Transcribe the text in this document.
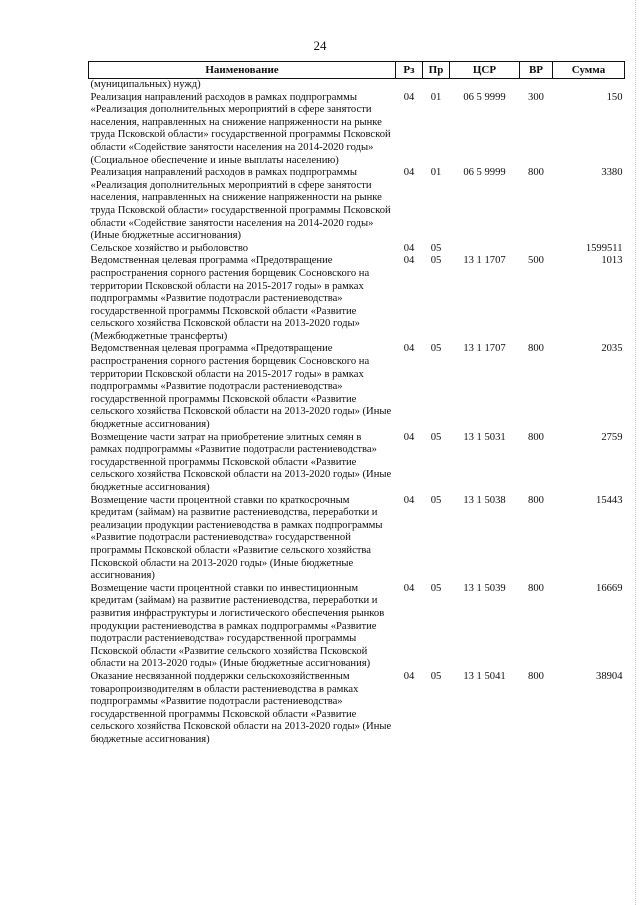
24
Наименование	Рз	Пр	ЦСР	ВР	Сумма
(муниципальных) нужд)					
Реализация направлений расходов в рамках подпрограммы «Реализация дополнительных мероприятий в сфере занятости населения, направленных на снижение напряженности на рынке труда Псковской области» государственной программы Псковской области «Содействие занятости населения на 2014-2020 годы» (Социальное обеспечение и иные выплаты населению)	04	01	06 5 9999	300	150
Реализация направлений расходов в рамках подпрограммы «Реализация дополнительных мероприятий в сфере занятости населения, направленных на снижение напряженности на рынке труда Псковской области» государственной программы Псковской области «Содействие занятости населения на 2014-2020 годы» (Иные бюджетные ассигнования)	04	01	06 5 9999	800	3380
Сельское хозяйство и рыболовство	04	05			1599511
Ведомственная целевая программа «Предотвращение распространения сорного растения борщевик Сосновского на территории Псковской области на 2015-2017 годы» в рамках подпрограммы «Развитие подотрасли растениеводства» государственной программы Псковской области «Развитие сельского хозяйства Псковской области на 2013-2020 годы» (Межбюджетные трансферты)	04	05	13 1 1707	500	1013
Ведомственная целевая программа «Предотвращение распространения сорного растения борщевик Сосновского на территории Псковской области на 2015-2017 годы» в рамках подпрограммы «Развитие подотрасли растениеводства» государственной программы Псковской области «Развитие сельского хозяйства Псковской области на 2013-2020 годы» (Иные бюджетные ассигнования)	04	05	13 1 1707	800	2035
Возмещение части затрат на приобретение элитных семян в рамках подпрограммы «Развитие подотрасли растениеводства» государственной программы Псковской области «Развитие сельского хозяйства Псковской области на 2013-2020 годы» (Иные бюджетные ассигнования)	04	05	13 1 5031	800	2759
Возмещение части процентной ставки по краткосрочным кредитам (займам) на развитие растениеводства, переработки и реализации продукции растениеводства в рамках подпрограммы «Развитие подотрасли растениеводства» государственной программы Псковской области «Развитие сельского хозяйства Псковской области на 2013-2020 годы» (Иные бюджетные ассигнования)	04	05	13 1 5038	800	15443
Возмещение части процентной ставки по инвестиционным кредитам (займам) на развитие растениеводства, переработки и развития инфраструктуры и логистического обеспечения рынков продукции растениеводства в рамках подпрограммы «Развитие подотрасли растениеводства» государственной программы Псковской области «Развитие сельского хозяйства Псковской области на 2013-2020 годы» (Иные бюджетные ассигнования)	04	05	13 1 5039	800	16669
Оказание несвязанной поддержки сельскохозяйственным товаропроизводителям в области растениеводства в рамках подпрограммы «Развитие подотрасли растениеводства» государственной программы Псковской области «Развитие сельского хозяйства Псковской области на 2013-2020 годы» (Иные бюджетные ассигнования)	04	05	13 1 5041	800	38904
